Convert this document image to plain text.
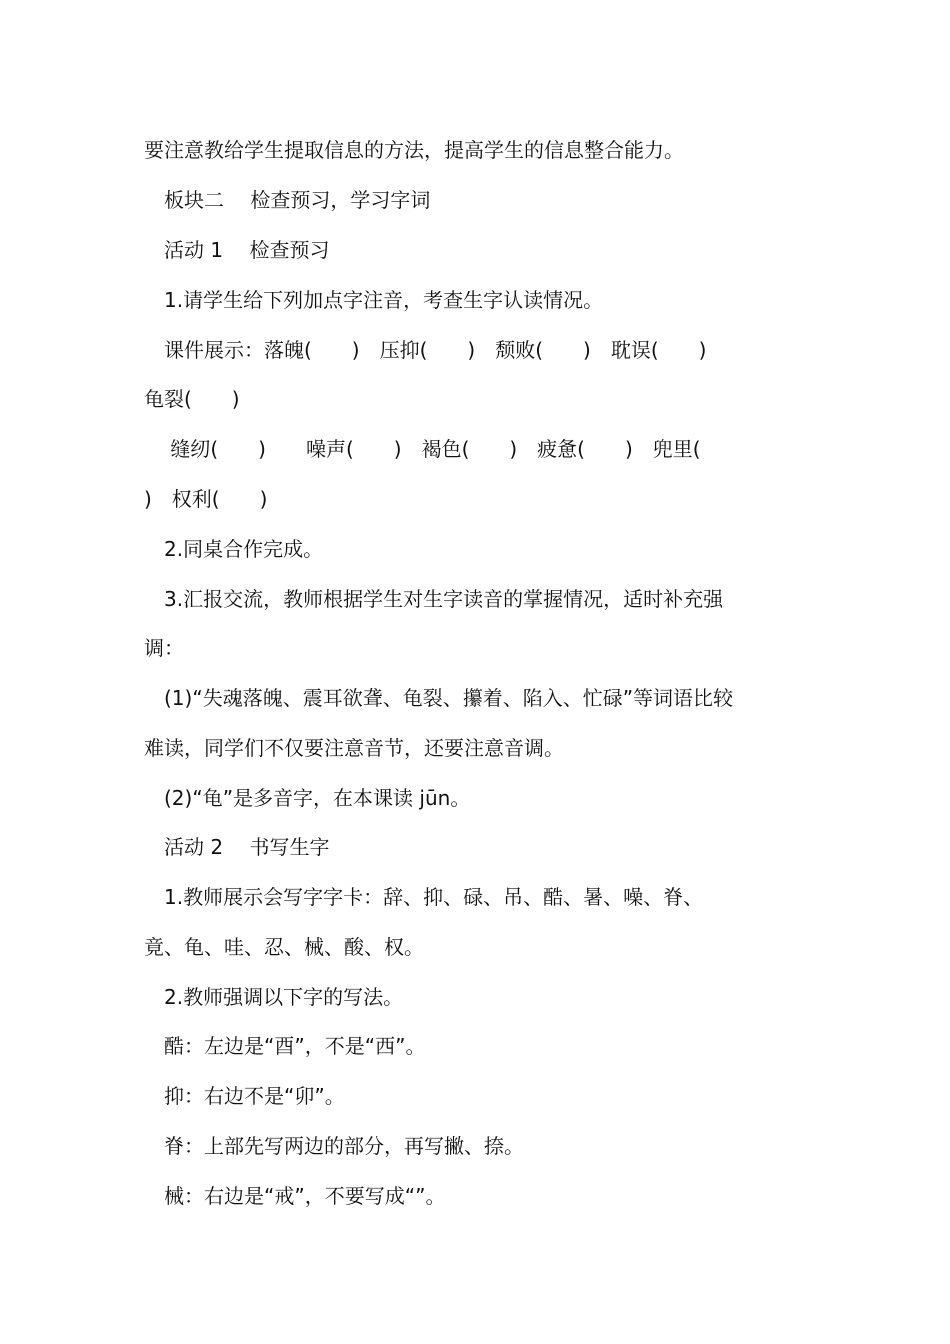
要注意教给学生提取信息的方法，提高学生的信息整合能力。
　板块二　 检查预习，学习字词
　活动 1　 检查预习
　1.请学生给下列加点字注音，考查生字认读情况。
　课件展示：落魄(　　)　压抑(　　)　颓败(　　)　耽误(　　)
龟裂(　　)
　 缝纫(　　)　　噪声(　　)　褐色(　　)　疲惫(　　)　兜里(
)　权利(　　)
　2.同桌合作完成。
　3.汇报交流，教师根据学生对生字读音的掌握情况，适时补充强
调：
　(1)“失魂落魄、震耳欲聋、龟裂、攥着、陷入、忙碌”等词语比较
难读，同学们不仅要注意音节，还要注意音调。
　(2)“龟”是多音字，在本课读 jūn。
　活动 2　 书写生字
　1.教师展示会写字字卡：辞、抑、碌、吊、酷、暑、噪、脊、
竟、龟、哇、忍、械、酸、权。
　2.教师强调以下字的写法。
　酷：左边是“酉”，不是“西”。
　抑：右边不是“卯”。
　脊：上部先写两边的部分，再写撇、捺。
　械：右边是“戒”，不要写成“”。
